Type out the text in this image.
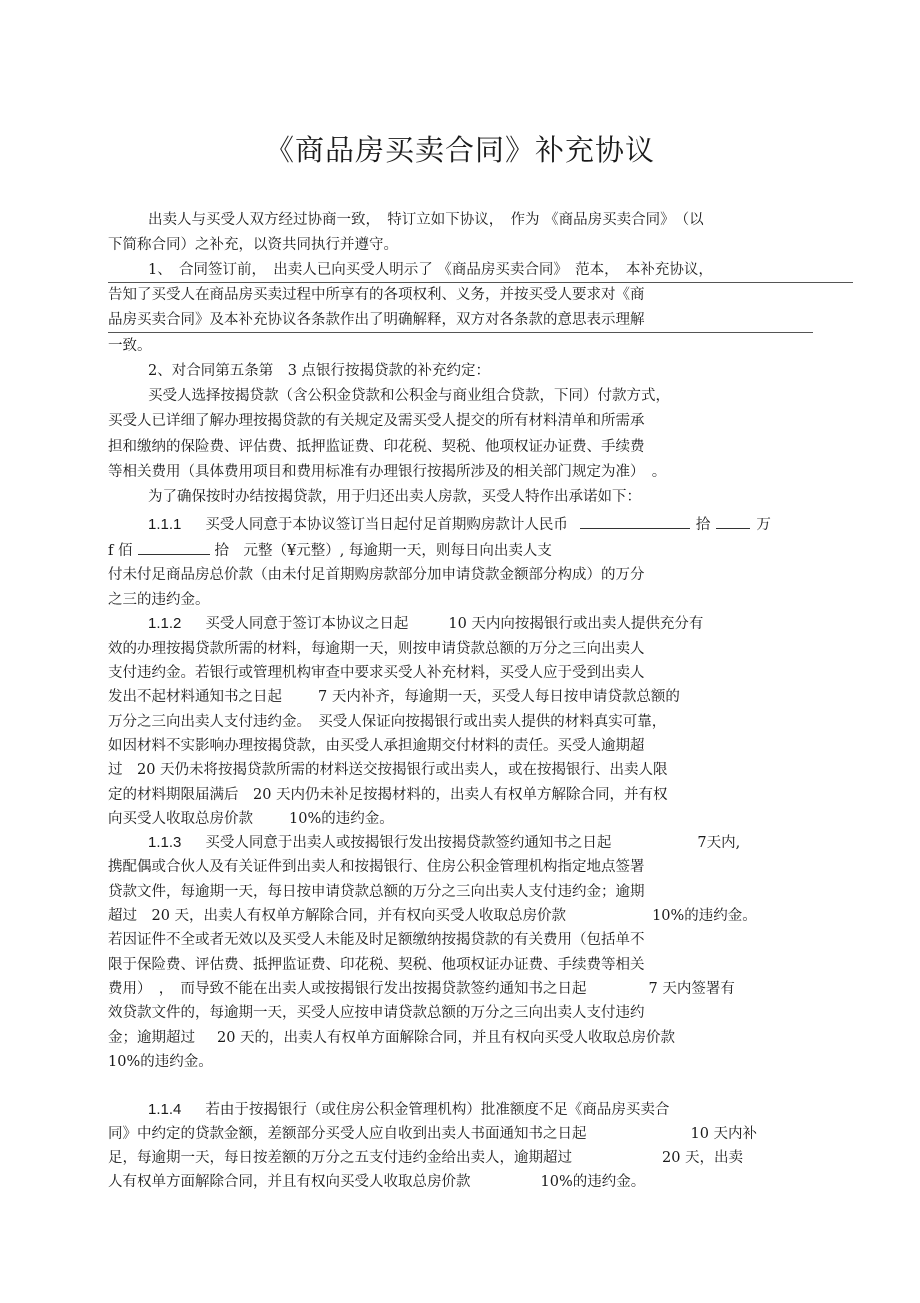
《商品房买卖合同》补充协议
出卖人与买受人双方经过协商一致，　特订立如下协议，　作为 《商品房买卖合同》　（以
下简称合同）之补充，以资共同执行并遵守。
1、　合同签订前，　出卖人已向买受人明示了 《商品房买卖合同》　范本，　本补充协议，
告知了买受人在商品房买卖过程中所享有的各项权利、义务，并按买受人要求对《商
品房买卖合同》及本补充协议各条款作出了明确解释，双方对各条款的意思表示理解
一致。
2、对合同第五条第　3 点银行按揭贷款的补充约定：
买受人选择按揭贷款（含公积金贷款和公积金与商业组合贷款，下同）付款方式，
买受人已详细了解办理按揭贷款的有关规定及需买受人提交的所有材料清单和所需承
担和缴纳的保险费、评估费、抵押监证费、印花税、契税、他项权证办证费、手续费
等相关费用（具体费用项目和费用标准有办理银行按揭所涉及的相关部门规定为准）　。
为了确保按时办结按揭贷款，用于归还出卖人房款，买受人特作出承诺如下：
1.1.1 买受人同意于本协议签订当日起付足首期购房款计人民币	拾	万
f 佰	拾　元整（¥元整）, 每逾期一天，则每日向出卖人支
付未付足商品房总价款（由未付足首期购房款部分加申请贷款金额部分构成）的万分
之三的违约金。
1.1.2 买受人同意于签订本协议之日起	10 天内向按揭银行或出卖人提供充分有
效的办理按揭贷款所需的材料，每逾期一天，则按申请贷款总额的万分之三向出卖人
支付违约金。若银行或管理机构审查中要求买受人补充材料，买受人应于受到出卖人
发出不起材料通知书之日起 7 天内补齐，每逾期一天，买受人每日按申请贷款总额的
万分之三向出卖人支付违约金。　买受人保证向按揭银行或出卖人提供的材料真实可靠，
如因材料不实影响办理按揭贷款，由买受人承担逾期交付材料的责任。买受人逾期超
过　20 天仍未将按揭贷款所需的材料送交按揭银行或出卖人，或在按揭银行、出卖人限
定的材料期限届满后　20 天内仍未补足按揭材料的，出卖人有权单方解除合同，并有权
向买受人收取总房价款 10%的违约金。
1.1.3 买受人同意于出卖人或按揭银行发出按揭贷款签约通知书之日起	7天内,
携配偶或合伙人及有关证件到出卖人和按揭银行、住房公积金管理机构指定地点签署
贷款文件，每逾期一天，每日按申请贷款总额的万分之三向出卖人支付违约金；逾期
超过　20 天，出卖人有权单方解除合同，并有权向买受人收取总房价款	10%的违约金。
若因证件不全或者无效以及买受人未能及时足额缴纳按揭贷款的有关费用（包括单不
限于保险费、评估费、抵押监证费、印花税、契税、他项权证办证费、手续费等相关
费用）　，　而导致不能在出卖人或按揭银行发出按揭贷款签约通知书之日起	7 天内签署有
效贷款文件的，每逾期一天，买受人应按申请贷款总额的万分之三向出卖人支付违约
金；逾期超过 20 天的，出卖人有权单方面解除合同，并且有权向买受人收取总房价款
10%的违约金。
1.1.4 若由于按揭银行（或住房公积金管理机构）批准额度不足《商品房买卖合
同》中约定的贷款金额，差额部分买受人应自收到出卖人书面通知书之日起	10 天内补
足，每逾期一天，每日按差额的万分之五支付违约金给出卖人，逾期超过	20 天，出卖
人有权单方面解除合同，并且有权向买受人收取总房价款	10%的违约金。
